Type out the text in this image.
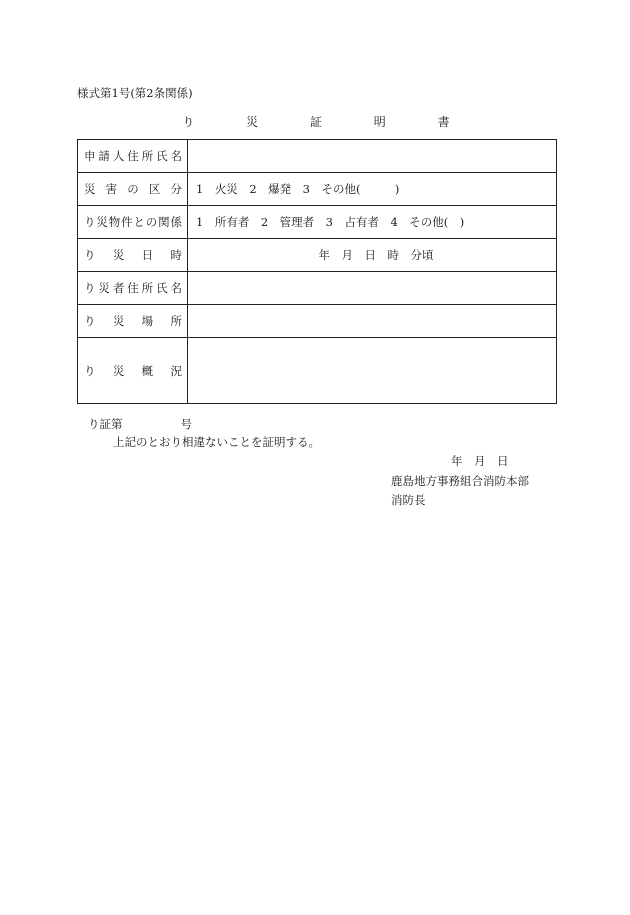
様式第1号(第2条関係)
り 災 証 明 書
申請人住所氏名	

災害の区分	1　火災　2　爆発　3　その他(　　　)

り災物件との関係	1　所有者　2　管理者　3　占有者　4　その他(　)

り災日時	年　月　日　時　分頃

り災者住所氏名	

り災場所	

り災概況	

り証第	号
上記のとおり相違ないことを証明する。
年　月　日
鹿島地方事務組合消防本部
消防長
